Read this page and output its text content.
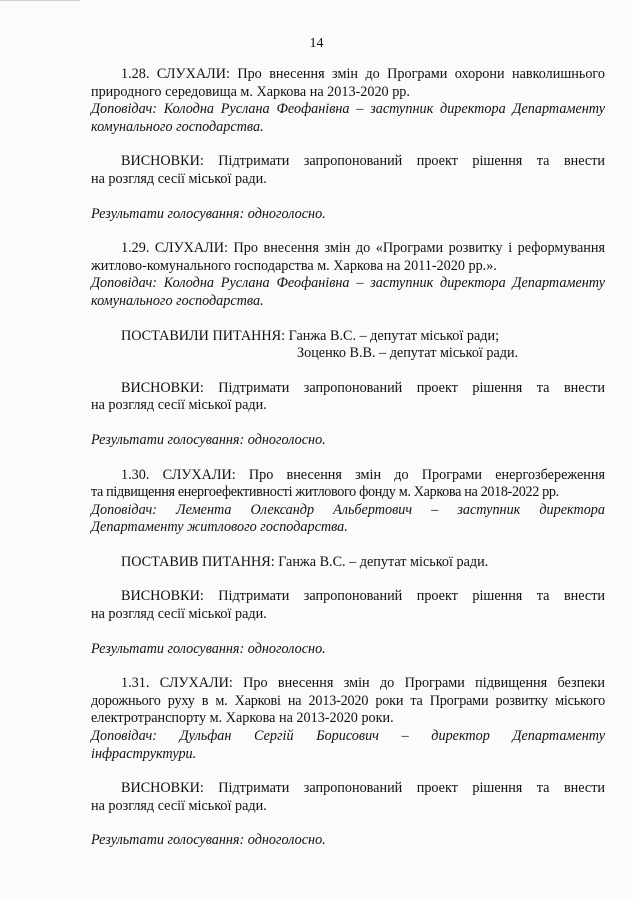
14

1.28. СЛУХАЛИ: Про внесення змін до Програми охорони навколишнього

природного середовища м. Харкова на 2013-2020 рр.

Доповідач: Колодна Руслана Феофанівна – заступник директора Департаменту

комунального господарства.

ВИСНОВКИ: Підтримати запропонований проект рішення та внести

на розгляд сесії міської ради.

Результати голосування: одноголосно.

1.29. СЛУХАЛИ: Про внесення змін до «Програми розвитку і реформування

житлово-комунального господарства м. Харкова на 2011-2020 рр.».

Доповідач: Колодна Руслана Феофанівна – заступник директора Департаменту

комунального господарства.

ПОСТАВИЛИ ПИТАННЯ: Ганжа В.С. – депутат міської ради;

Зоценко В.В. – депутат міської ради.

ВИСНОВКИ: Підтримати запропонований проект рішення та внести

на розгляд сесії міської ради.

Результати голосування: одноголосно.

1.30. СЛУХАЛИ: Про внесення змін до Програми енергозбереження

та підвищення енергоефективності житлового фонду м. Харкова на 2018-2022 рр.

Доповідач: Лемента Олександр Альбертович – заступник директора

Департаменту житлового господарства.

ПОСТАВИВ ПИТАННЯ: Ганжа В.С. – депутат міської ради.

ВИСНОВКИ: Підтримати запропонований проект рішення та внести

на розгляд сесії міської ради.

Результати голосування: одноголосно.

1.31. СЛУХАЛИ: Про внесення змін до Програми підвищення безпеки

дорожнього руху в м. Харкові на 2013-2020 роки та Програми розвитку міського

електротранспорту м. Харкова на 2013-2020 роки.

Доповідач: Дульфан Сергій Борисович – директор Департаменту

інфраструктури.

ВИСНОВКИ: Підтримати запропонований проект рішення та внести

на розгляд сесії міської ради.

Результати голосування: одноголосно.
